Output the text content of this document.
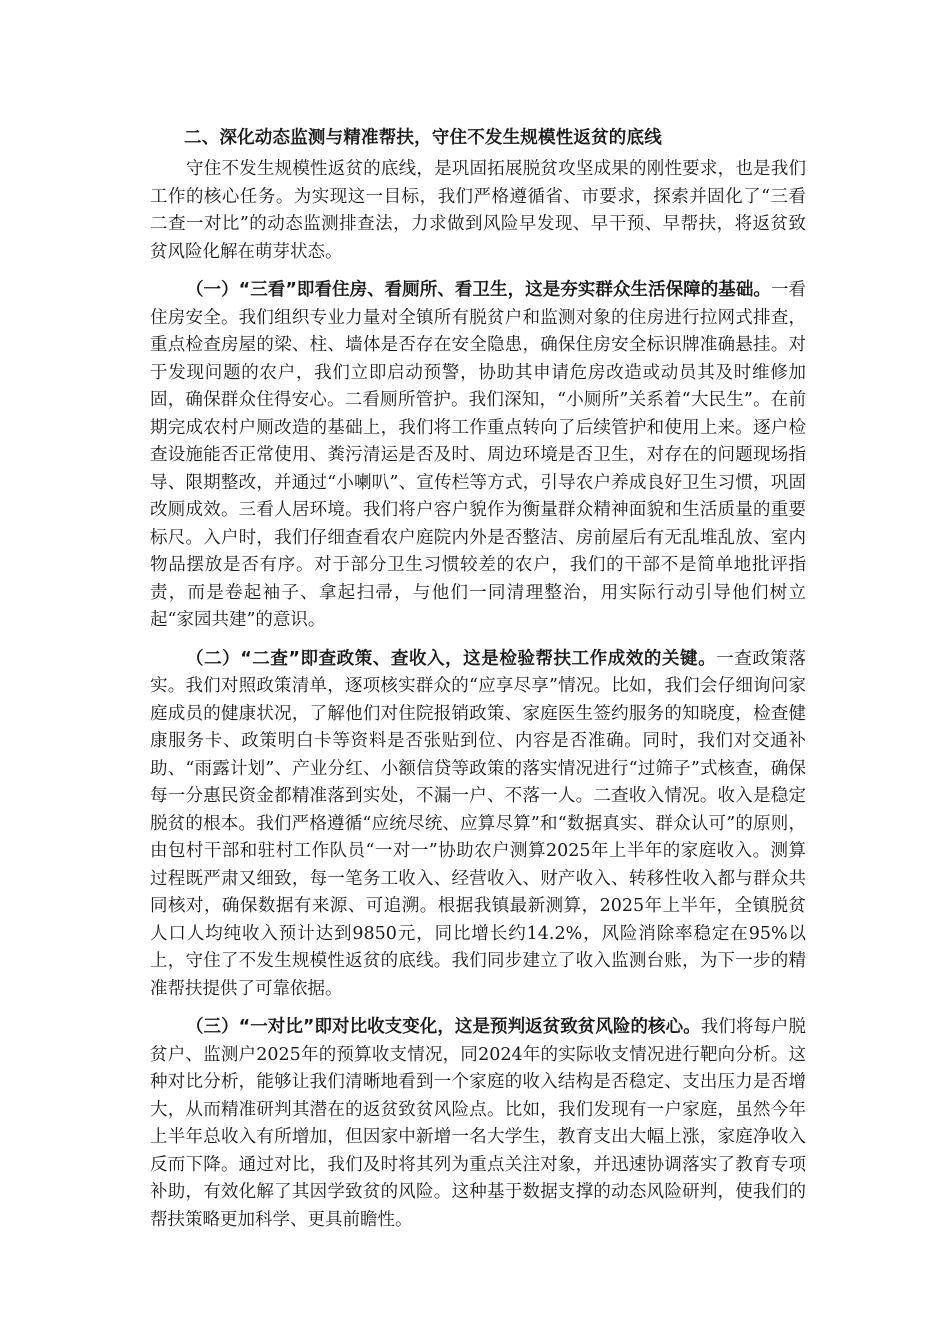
二、深化动态监测与精准帮扶，守住不发生规模性返贫的底线

守住不发生规模性返贫的底线，是巩固拓展脱贫攻坚成果的刚性要求，也是我们工作的核心任务。为实现这一目标，我们严格遵循省、市要求，探索并固化了“三看二查一对比”的动态监测排查法，力求做到风险早发现、早干预、早帮扶，将返贫致贫风险化解在萌芽状态。

（一）“三看”即看住房、看厕所、看卫生，这是夯实群众生活保障的基础。一看住房安全。我们组织专业力量对全镇所有脱贫户和监测对象的住房进行拉网式排查，重点检查房屋的梁、柱、墙体是否存在安全隐患，确保住房安全标识牌准确悬挂。对于发现问题的农户，我们立即启动预警，协助其申请危房改造或动员其及时维修加固，确保群众住得安心。二看厕所管护。我们深知，“小厕所”关系着“大民生”。在前期完成农村户厕改造的基础上，我们将工作重点转向了后续管护和使用上来。逐户检查设施能否正常使用、粪污清运是否及时、周边环境是否卫生，对存在的问题现场指导、限期整改，并通过“小喇叭”、宣传栏等方式，引导农户养成良好卫生习惯，巩固改厕成效。三看人居环境。我们将户容户貌作为衡量群众精神面貌和生活质量的重要标尺。入户时，我们仔细查看农户庭院内外是否整洁、房前屋后有无乱堆乱放、室内物品摆放是否有序。对于部分卫生习惯较差的农户，我们的干部不是简单地批评指责，而是卷起袖子、拿起扫帚，与他们一同清理整治，用实际行动引导他们树立起“家园共建”的意识。

（二）“二查”即查政策、查收入，这是检验帮扶工作成效的关键。一查政策落实。我们对照政策清单，逐项核实群众的“应享尽享”情况。比如，我们会仔细询问家庭成员的健康状况，了解他们对住院报销政策、家庭医生签约服务的知晓度，检查健康服务卡、政策明白卡等资料是否张贴到位、内容是否准确。同时，我们对交通补助、“雨露计划”、产业分红、小额信贷等政策的落实情况进行“过筛子”式核查，确保每一分惠民资金都精准落到实处，不漏一户、不落一人。二查收入情况。收入是稳定脱贫的根本。我们严格遵循“应统尽统、应算尽算”和“数据真实、群众认可”的原则，由包村干部和驻村工作队员“一对一”协助农户测算2025年上半年的家庭收入。测算过程既严肃又细致，每一笔务工收入、经营收入、财产收入、转移性收入都与群众共同核对，确保数据有来源、可追溯。根据我镇最新测算，2025年上半年，全镇脱贫人口人均纯收入预计达到9850元，同比增长约14.2%，风险消除率稳定在95%以上，守住了不发生规模性返贫的底线。我们同步建立了收入监测台账，为下一步的精准帮扶提供了可靠依据。

（三）“一对比”即对比收支变化，这是预判返贫致贫风险的核心。我们将每户脱贫户、监测户2025年的预算收支情况，同2024年的实际收支情况进行靶向分析。这种对比分析，能够让我们清晰地看到一个家庭的收入结构是否稳定、支出压力是否增大，从而精准研判其潜在的返贫致贫风险点。比如，我们发现有一户家庭，虽然今年上半年总收入有所增加，但因家中新增一名大学生，教育支出大幅上涨，家庭净收入反而下降。通过对比，我们及时将其列为重点关注对象，并迅速协调落实了教育专项补助，有效化解了其因学致贫的风险。这种基于数据支撑的动态风险研判，使我们的帮扶策略更加科学、更具前瞻性。
